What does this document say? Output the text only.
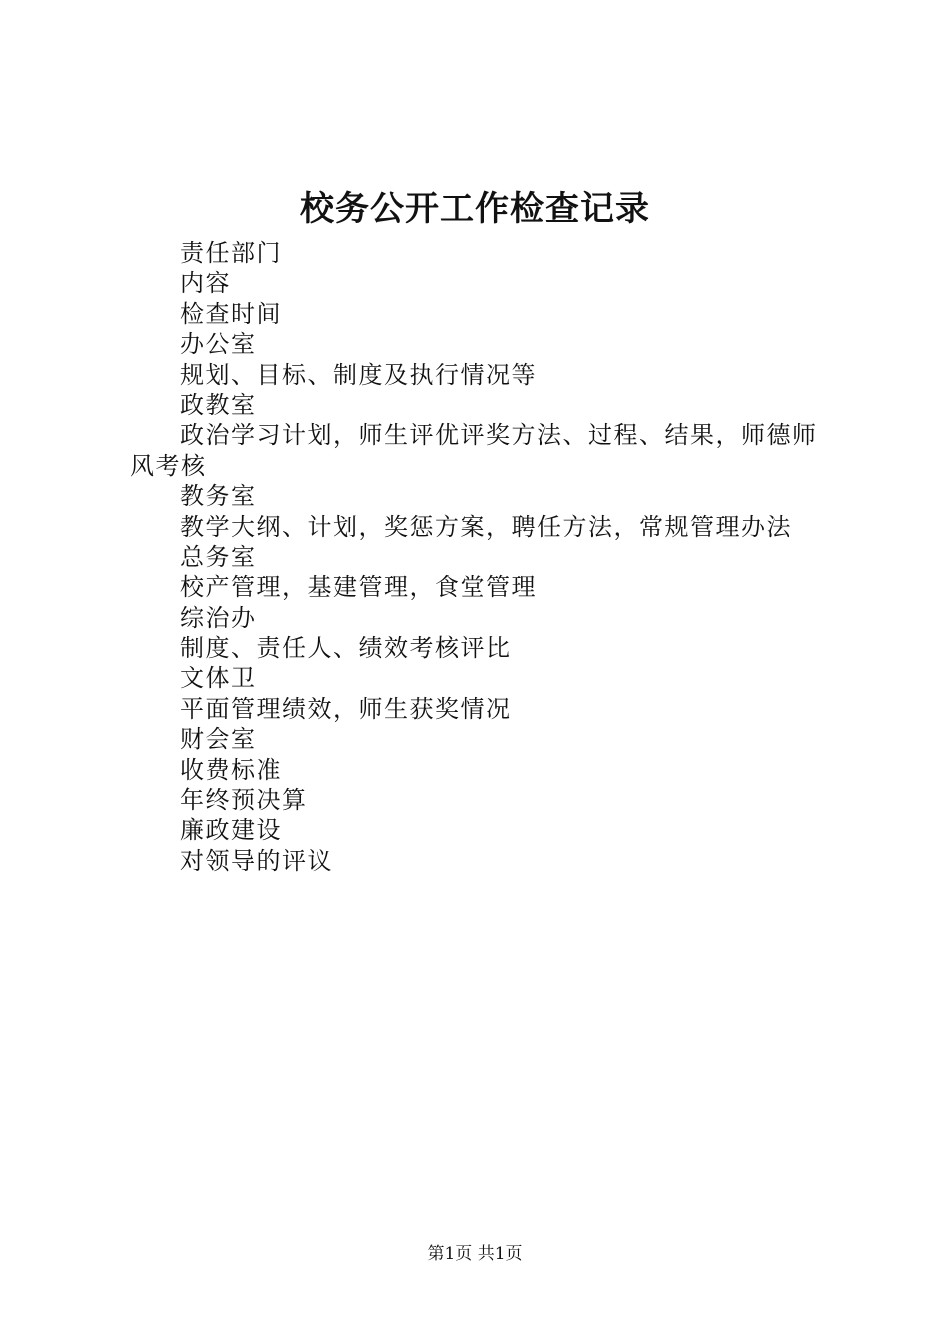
校务公开工作检查记录
责任部门
内容
检查时间
办公室
规划、目标、制度及执行情况等
政教室
政治学习计划，师生评优评奖方法、过程、结果，师德师
风考核
教务室
教学大纲、计划，奖惩方案，聘任方法，常规管理办法
总务室
校产管理，基建管理，食堂管理
综治办
制度、责任人、绩效考核评比
文体卫
平面管理绩效，师生获奖情况
财会室
收费标准
年终预决算
廉政建设
对领导的评议
第1页 共1页
